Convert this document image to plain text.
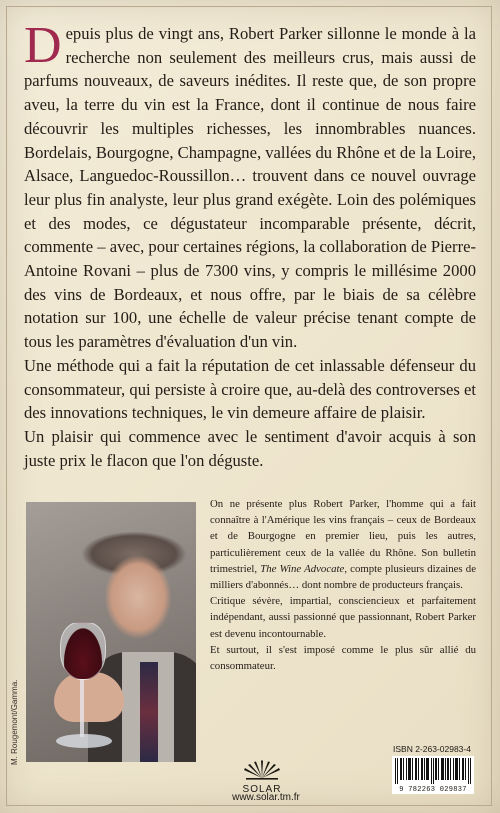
Depuis plus de vingt ans, Robert Parker sillonne le monde à la recherche non seulement des meilleurs crus, mais aussi de parfums nouveaux, de saveurs inédites. Il reste que, de son propre aveu, la terre du vin est la France, dont il continue de nous faire découvrir les multiples richesses, les innombrables nuances. Bordelais, Bourgogne, Champagne, vallées du Rhône et de la Loire, Alsace, Languedoc-Roussillon… trouvent dans ce nouvel ouvrage leur plus fin analyste, leur plus grand exégète. Loin des polémiques et des modes, ce dégustateur incomparable présente, décrit, commente – avec, pour certaines régions, la collaboration de Pierre-Antoine Rovani – plus de 7300 vins, y compris le millésime 2000 des vins de Bordeaux, et nous offre, par le biais de sa célèbre notation sur 100, une échelle de valeur précise tenant compte de tous les paramètres d'évaluation d'un vin.

Une méthode qui a fait la réputation de cet inlassable défenseur du consommateur, qui persiste à croire que, au-delà des controverses et des innovations techniques, le vin demeure affaire de plaisir.

Un plaisir qui commence avec le sentiment d'avoir acquis à son juste prix le flacon que l'on déguste.

M. Rougemont/Gamma.

On ne présente plus Robert Parker, l'homme qui a fait connaître à l'Amérique les vins français – ceux de Bordeaux et de Bourgogne en premier lieu, puis les autres, particulièrement ceux de la vallée du Rhône. Son bulletin trimestriel, The Wine Advocate, compte plusieurs dizaines de milliers d'abonnés… dont nombre de producteurs français.

Critique sévère, impartial, consciencieux et parfaitement indépendant, aussi passionné que passionnant, Robert Parker est devenu incontournable.

Et surtout, il s'est imposé comme le plus sûr allié du consommateur.

SOLAR
www.solar.tm.fr
ISBN 2-263-02983-4
9 782263 029837
